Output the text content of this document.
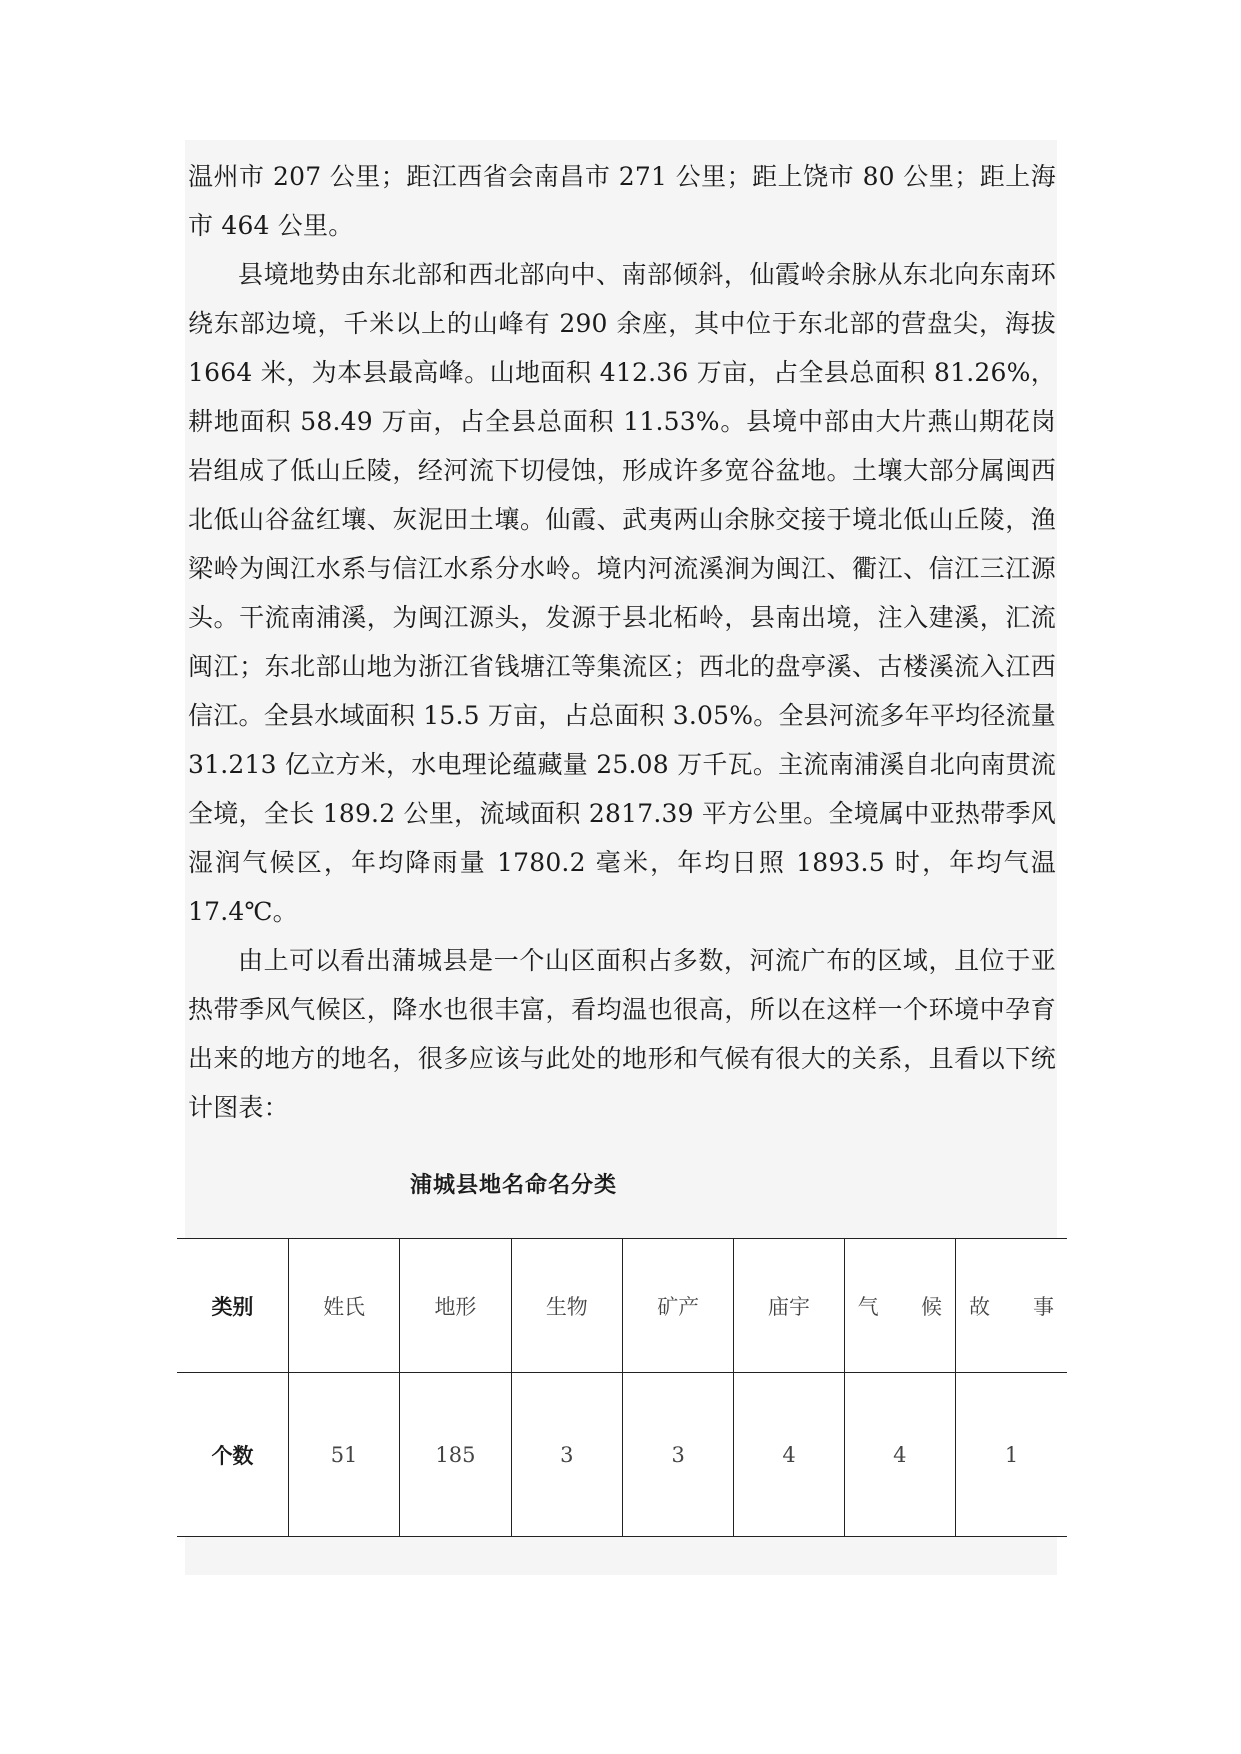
温州市 207 公里；距江西省会南昌市 271 公里；距上饶市 80 公里；距上海市 464 公里。

县境地势由东北部和西北部向中、南部倾斜，仙霞岭余脉从东北向东南环绕东部边境，千米以上的山峰有 290 余座，其中位于东北部的营盘尖，海拔 1664 米，为本县最高峰。山地面积 412.36 万亩，占全县总面积 81.26%，耕地面积 58.49 万亩，占全县总面积 11.53%。县境中部由大片燕山期花岗岩组成了低山丘陵，经河流下切侵蚀，形成许多宽谷盆地。土壤大部分属闽西北低山谷盆红壤、灰泥田土壤。仙霞、武夷两山余脉交接于境北低山丘陵，渔梁岭为闽江水系与信江水系分水岭。境内河流溪涧为闽江、衢江、信江三江源头。干流南浦溪，为闽江源头，发源于县北柘岭，县南出境，注入建溪，汇流闽江；东北部山地为浙江省钱塘江等集流区；西北的盘亭溪、古楼溪流入江西信江。全县水域面积 15.5 万亩，占总面积 3.05%。全县河流多年平均径流量 31.213 亿立方米，水电理论蕴藏量 25.08 万千瓦。主流南浦溪自北向南贯流全境，全长 189.2 公里，流域面积 2817.39 平方公里。全境属中亚热带季风湿润气候区，年均降雨量 1780.2 毫米，年均日照 1893.5 时，年均气温 17.4℃。

由上可以看出蒲城县是一个山区面积占多数，河流广布的区域，且位于亚热带季风气候区，降水也很丰富，看均温也很高，所以在这样一个环境中孕育出来的地方的地名，很多应该与此处的地形和气候有很大的关系，且看以下统计图表：

浦城县地名命名分类
类别	姓氏	地形	生物	矿产	庙宇	气 候	故 事

个数	51	185	3	3	4	4	1
